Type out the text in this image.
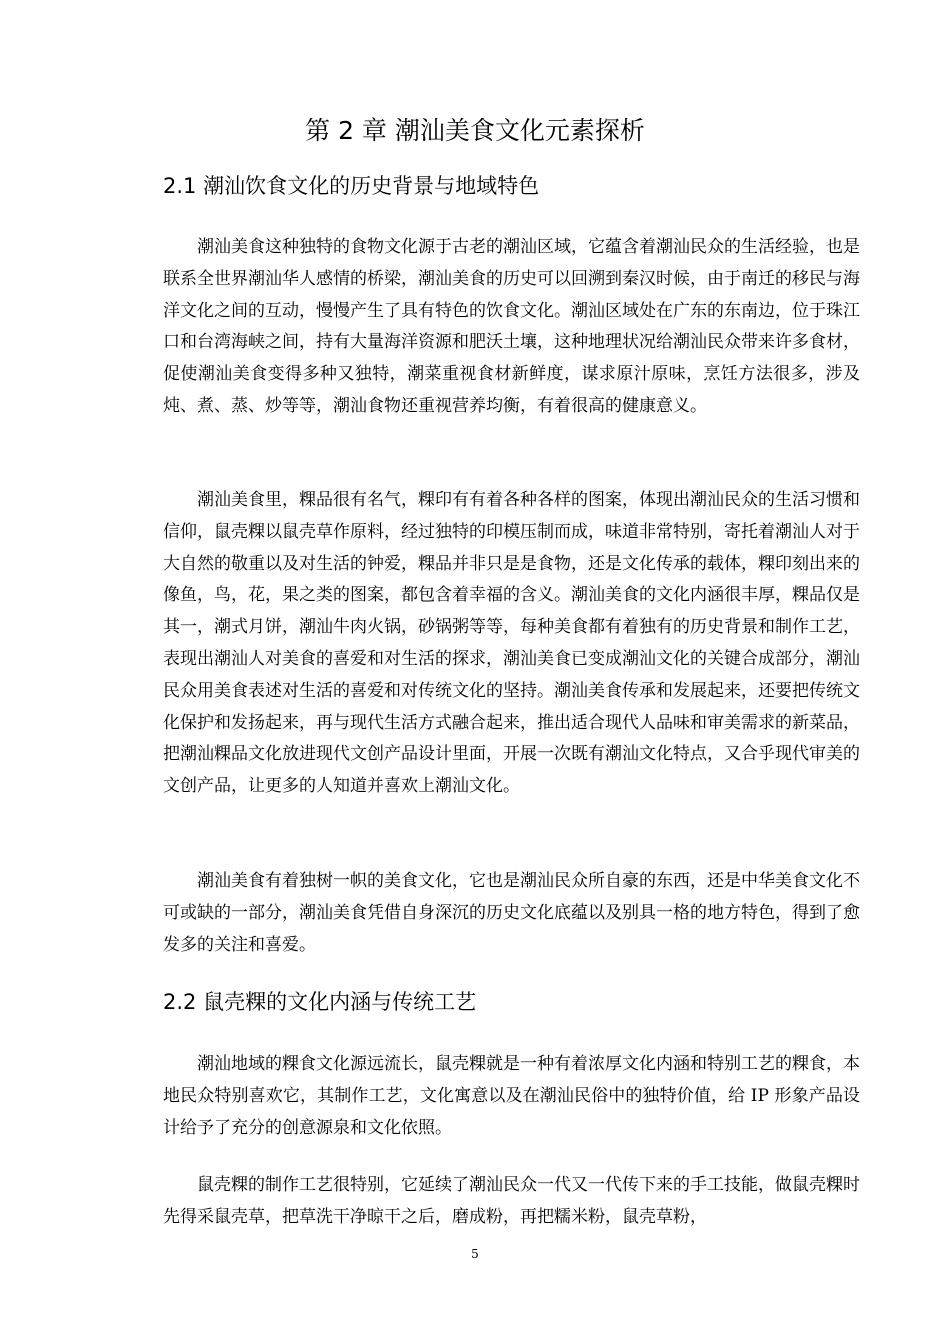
第 2 章 潮汕美食文化元素探析
2.1 潮汕饮食文化的历史背景与地域特色

潮汕美食这种独特的食物文化源于古老的潮汕区域，它蕴含着潮汕民众的生活经验，也是联系全世界潮汕华人感情的桥梁，潮汕美食的历史可以回溯到秦汉时候，由于南迁的移民与海洋文化之间的互动，慢慢产生了具有特色的饮食文化。潮汕区域处在广东的东南边，位于珠江口和台湾海峡之间，持有大量海洋资源和肥沃土壤，这种地理状况给潮汕民众带来许多食材，促使潮汕美食变得多种又独特，潮菜重视食材新鲜度，谋求原汁原味，烹饪方法很多，涉及炖、煮、蒸、炒等等，潮汕食物还重视营养均衡，有着很高的健康意义。

潮汕美食里，粿品很有名气，粿印有有着各种各样的图案，体现出潮汕民众的生活习惯和信仰，鼠壳粿以鼠壳草作原料，经过独特的印模压制而成，味道非常特别，寄托着潮汕人对于大自然的敬重以及对生活的钟爱，粿品并非只是是食物，还是文化传承的载体，粿印刻出来的像鱼，鸟，花，果之类的图案，都包含着幸福的含义。潮汕美食的文化内涵很丰厚，粿品仅是其一，潮式月饼，潮汕牛肉火锅，砂锅粥等等，每种美食都有着独有的历史背景和制作工艺，表现出潮汕人对美食的喜爱和对生活的探求，潮汕美食已变成潮汕文化的关键合成部分，潮汕民众用美食表述对生活的喜爱和对传统文化的坚持。潮汕美食传承和发展起来，还要把传统文化保护和发扬起来，再与现代生活方式融合起来，推出适合现代人品味和审美需求的新菜品，把潮汕粿品文化放进现代文创产品设计里面，开展一次既有潮汕文化特点，又合乎现代审美的文创产品，让更多的人知道并喜欢上潮汕文化。

潮汕美食有着独树一帜的美食文化，它也是潮汕民众所自豪的东西，还是中华美食文化不可或缺的一部分，潮汕美食凭借自身深沉的历史文化底蕴以及别具一格的地方特色，得到了愈发多的关注和喜爱。

2.2 鼠壳粿的文化内涵与传统工艺

潮汕地域的粿食文化源远流长，鼠壳粿就是一种有着浓厚文化内涵和特别工艺的粿食，本地民众特别喜欢它，其制作工艺，文化寓意以及在潮汕民俗中的独特价值，给 IP 形象产品设计给予了充分的创意源泉和文化依照。

鼠壳粿的制作工艺很特别，它延续了潮汕民众一代又一代传下来的手工技能，做鼠壳粿时先得采鼠壳草，把草洗干净晾干之后，磨成粉，再把糯米粉，鼠壳草粉，

5
